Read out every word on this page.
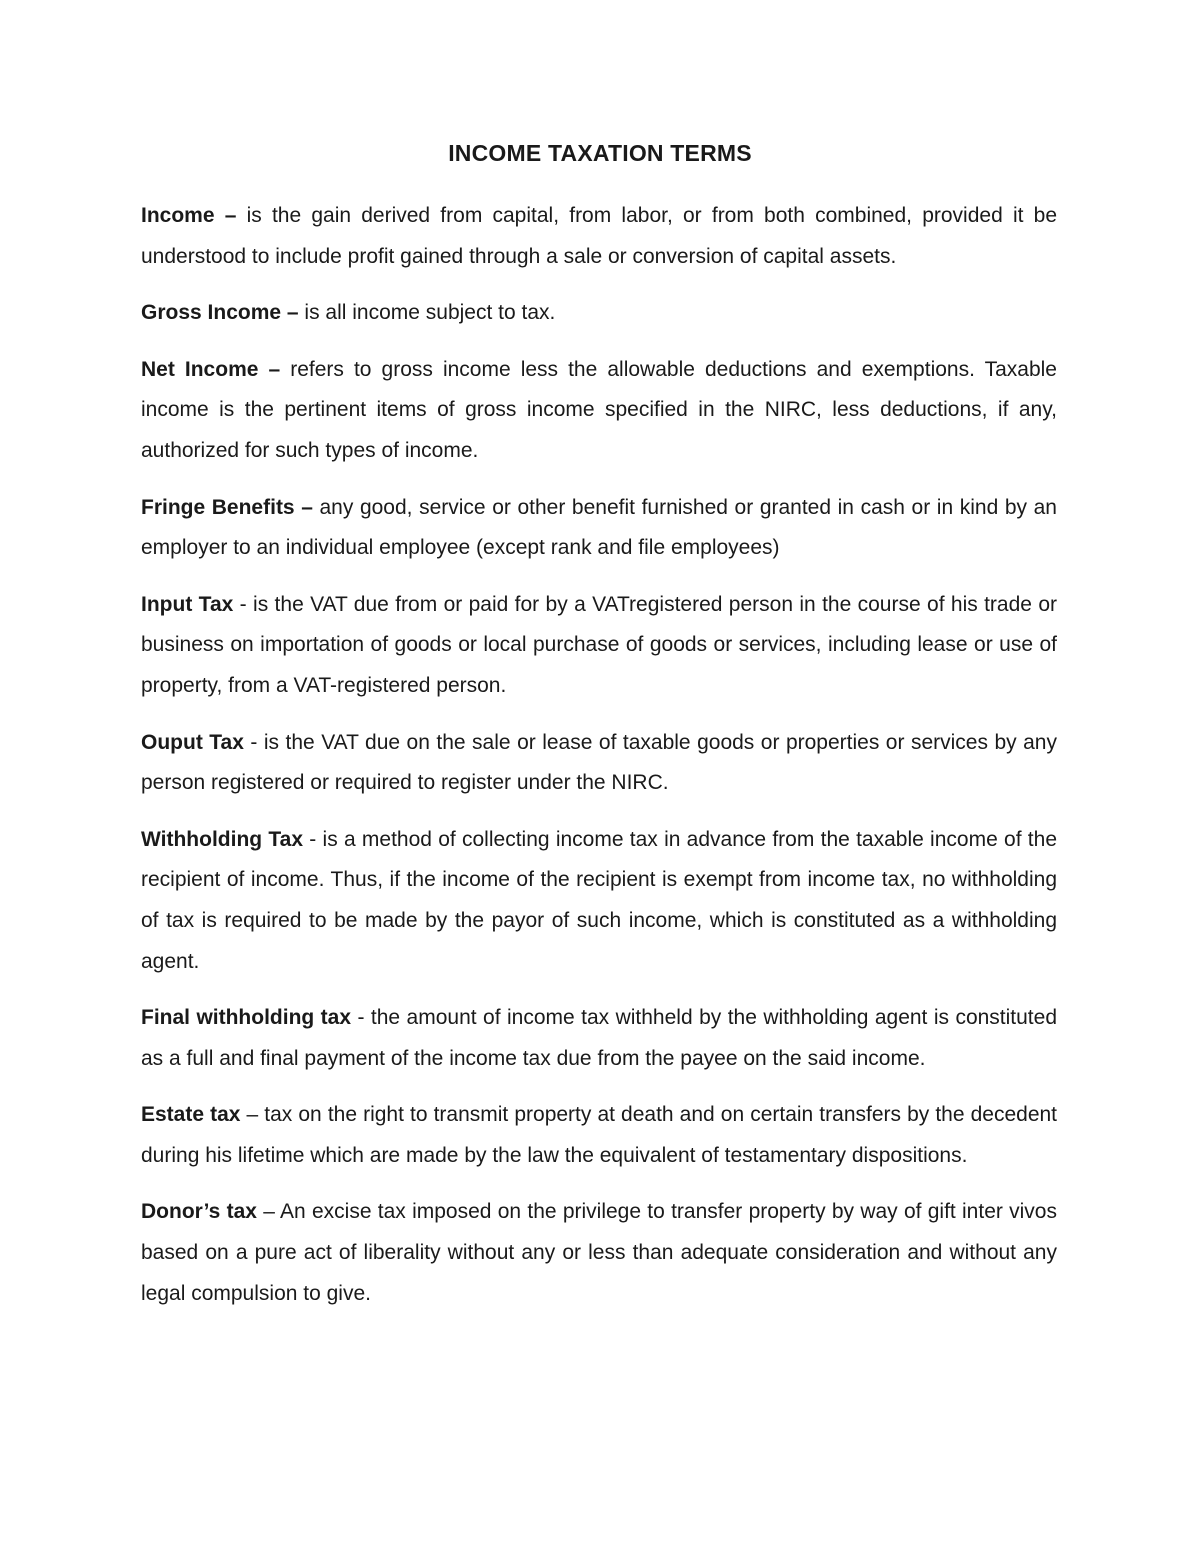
INCOME TAXATION TERMS

Income – is the gain derived from capital, from labor, or from both combined, provided it be understood to include profit gained through a sale or conversion of capital assets.

Gross Income – is all income subject to tax.

Net Income – refers to gross income less the allowable deductions and exemptions. Taxable income is the pertinent items of gross income specified in the NIRC, less deductions, if any, authorized for such types of income.

Fringe Benefits – any good, service or other benefit furnished or granted in cash or in kind by an employer to an individual employee (except rank and file employees)

Input Tax - is the VAT due from or paid for by a VATregistered person in the course of his trade or business on importation of goods or local purchase of goods or services, including lease or use of property, from a VAT-registered person.

Ouput Tax - is the VAT due on the sale or lease of taxable goods or properties or services by any person registered or required to register under the NIRC.

Withholding Tax - is a method of collecting income tax in advance from the taxable income of the recipient of income. Thus, if the income of the recipient is exempt from income tax, no withholding of tax is required to be made by the payor of such income, which is constituted as a withholding agent.

Final withholding tax - the amount of income tax withheld by the withholding agent is constituted as a full and final payment of the income tax due from the payee on the said income.

Estate tax – tax on the right to transmit property at death and on certain transfers by the decedent during his lifetime which are made by the law the equivalent of testamentary dispositions.

Donor’s tax – An excise tax imposed on the privilege to transfer property by way of gift inter vivos based on a pure act of liberality without any or less than adequate consideration and without any legal compulsion to give.
